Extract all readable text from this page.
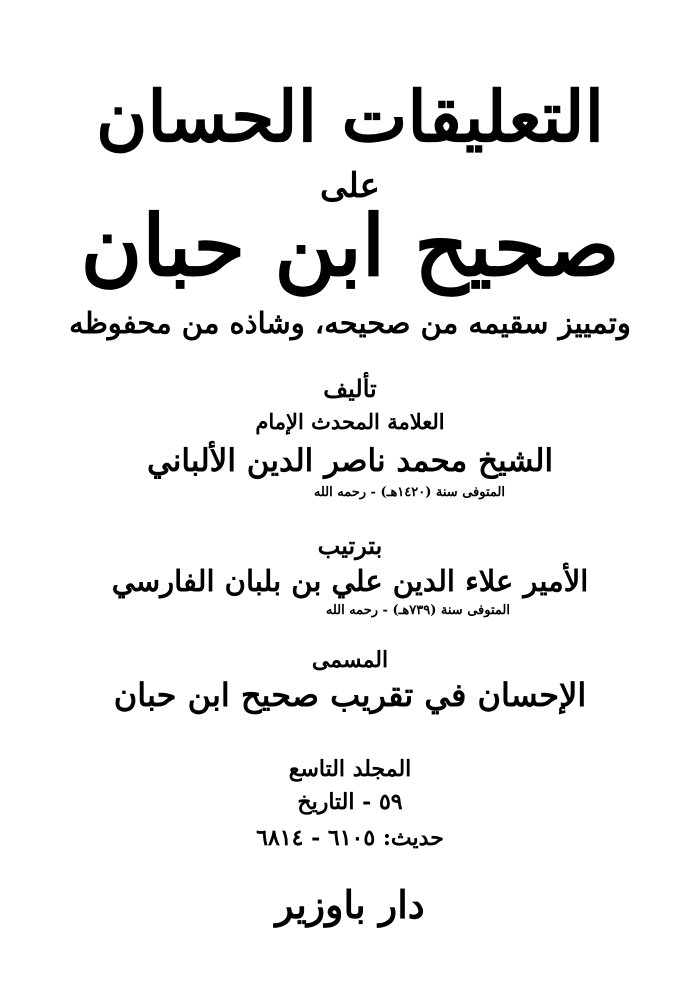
التعليقات الحسان
على
صحيح ابن حبان
وتمييز سقيمه من صحيحه، وشاذه من محفوظه
تأليف
العلامة المحدث الإمام
الشيخ محمد ناصر الدين الألباني
المتوفى سنة (١٤٢٠هـ) - رحمه الله
بترتيب
الأمير علاء الدين علي بن بلبان الفارسي
المتوفى سنة (٧٣٩هـ) - رحمه الله
المسمى
الإحسان في تقريب صحيح ابن حبان
المجلد التاسع
٥٩ - التاريخ
حديث: ٦١٠٥ - ٦٨١٤
دار باوزير
